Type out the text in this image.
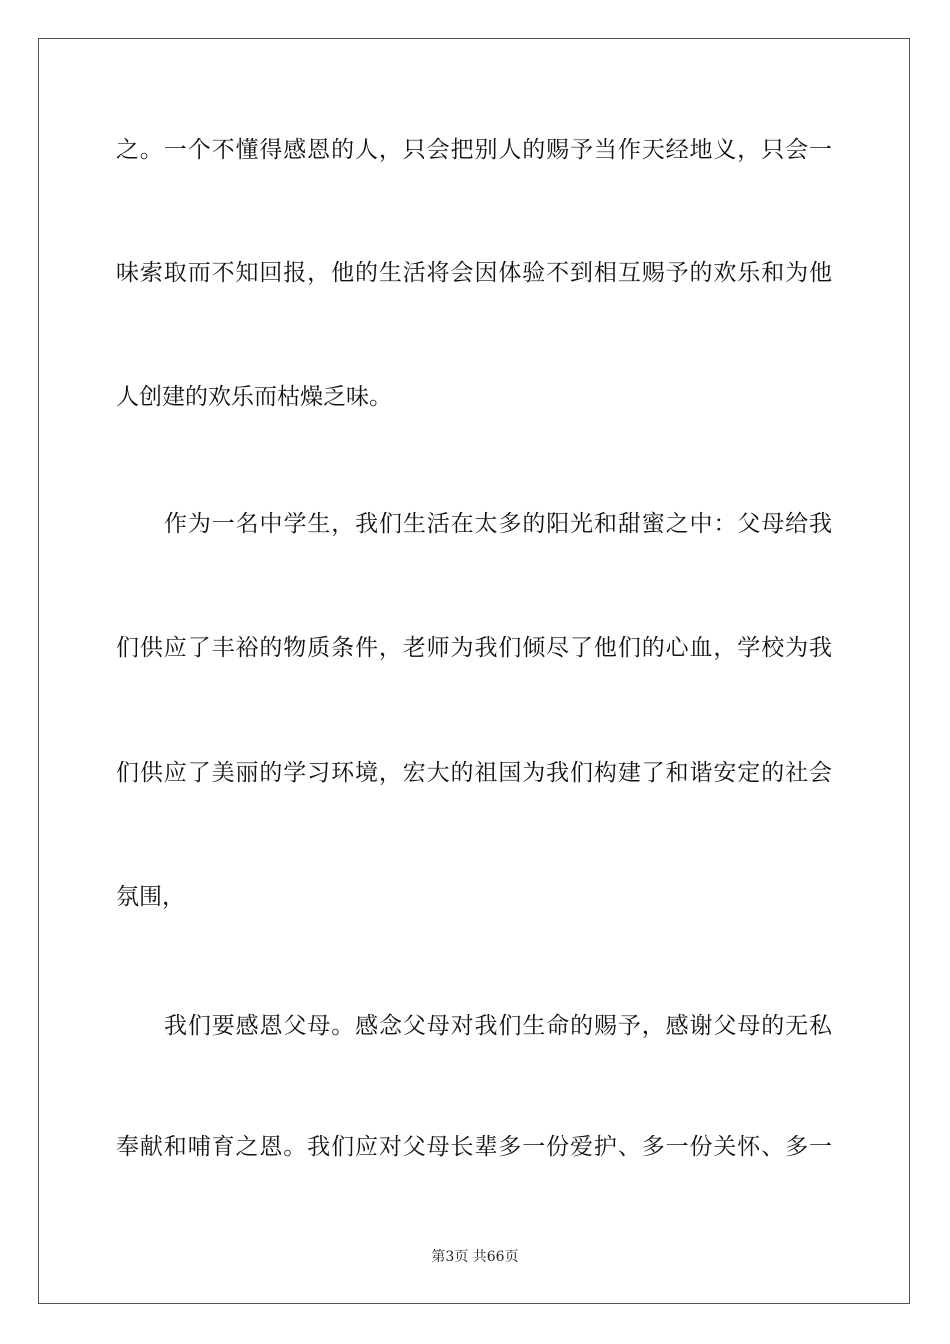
之。一个不懂得感恩的人，只会把别人的赐予当作天经地义，只会一

味索取而不知回报，他的生活将会因体验不到相互赐予的欢乐和为他

人创建的欢乐而枯燥乏味。

作为一名中学生，我们生活在太多的阳光和甜蜜之中：父母给我

们供应了丰裕的物质条件，老师为我们倾尽了他们的心血，学校为我

们供应了美丽的学习环境，宏大的祖国为我们构建了和谐安定的社会

氛围，

我们要感恩父母。感念父母对我们生命的赐予，感谢父母的无私

奉献和哺育之恩。我们应对父母长辈多一份爱护、多一份关怀、多一

第3页 共66页
